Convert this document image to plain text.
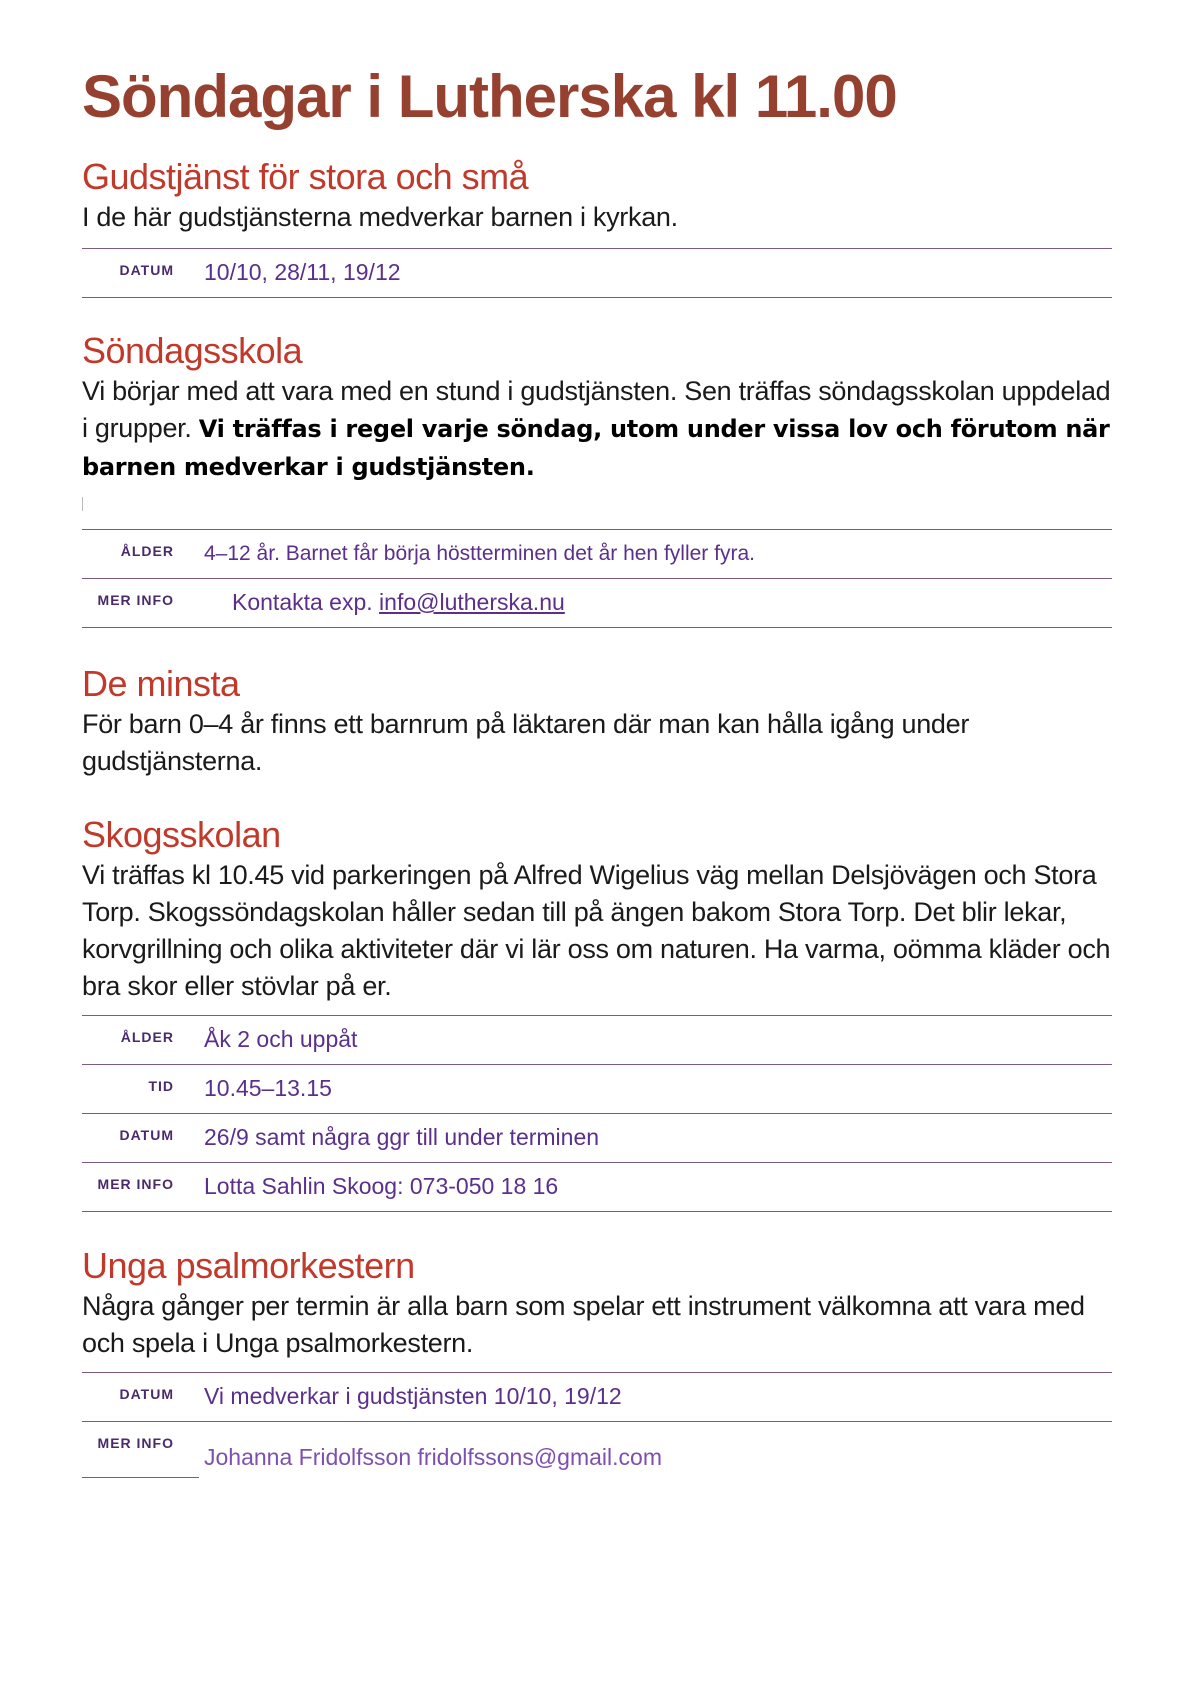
Söndagar i Lutherska kl 11.00
Gudstjänst för stora och små

I de här gudstjänsterna medverkar barnen i kyrkan.

DATUM 10/10, 28/11, 19/12
Söndagsskola

Vi börjar med att vara med en stund i gudstjänsten. Sen träffas söndagsskolan uppdelad i grupper. Vi träffas i regel varje söndag, utom under vissa lov och förutom när barnen medverkar i gudstjänsten.

ÅLDER 4–12 år. Barnet får börja höstterminen det år hen fyller fyra.
MER INFO	Kontakta exp. info@lutherska.nu
De minsta

För barn 0–4 år finns ett barnrum på läktaren där man kan hålla igång under gudstjänsterna.

Skogsskolan

Vi träffas kl 10.45 vid parkeringen på Alfred Wigelius väg mellan Delsjövägen och Stora Torp. Skogssöndagskolan håller sedan till på ängen bakom Stora Torp. Det blir lekar, korvgrillning och olika aktiviteter där vi lär oss om naturen. Ha varma, oömma kläder och bra skor eller stövlar på er.

ÅLDER Åk 2 och uppåt
TID 10.45–13.15
DATUM 26/9 samt några ggr till under terminen
MER INFO Lotta Sahlin Skoog: 073-050 18 16
Unga psalmorkestern

Några gånger per termin är alla barn som spelar ett instrument välkomna att vara med och spela i Unga psalmorkestern.

DATUM Vi medverkar i gudstjänsten 10/10, 19/12
MER INFO
Johanna Fridolfsson fridolfssons@gmail.com
